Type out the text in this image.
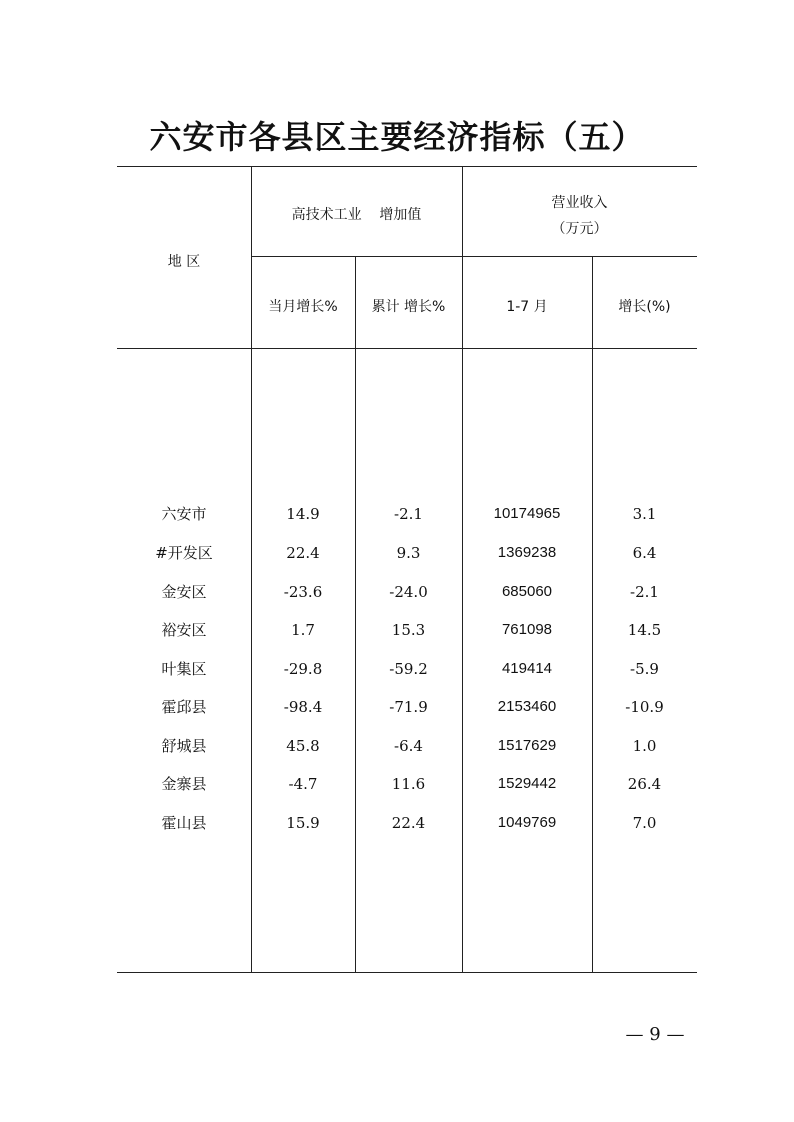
六安市各县区主要经济指标（五）
地 区
高技术工业    增加值
营业收入
（万元）
当月增长%	累计 增长%	1-7 月	增长(%)
六安市	14.9	-2.1	10174965	3.1
#开发区	22.4	9.3	1369238	6.4
金安区	-23.6	-24.0	685060	-2.1
裕安区	1.7	15.3	761098	14.5
叶集区	-29.8	-59.2	419414	-5.9
霍邱县	-98.4	-71.9	2153460	-10.9
舒城县	45.8	-6.4	1517629	1.0
金寨县	-4.7	11.6	1529442	26.4
霍山县	15.9	22.4	1049769	7.0
— 9 —
